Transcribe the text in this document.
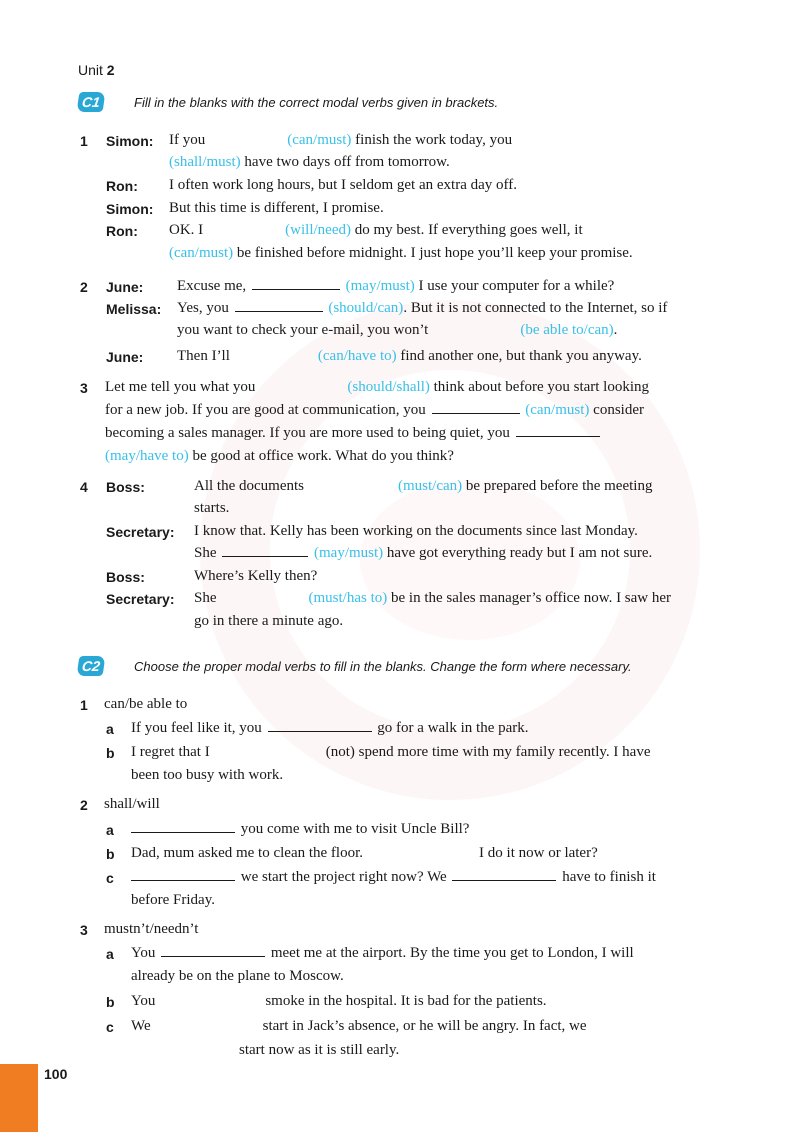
Unit 2
C1	Fill in the blanks with the correct modal verbs given in brackets.
1 Simon: If you	(can/must) finish the work today, you
(shall/must) have two days off from tomorrow.
Ron: I often work long hours, but I seldom get an extra day off.
Simon: But this time is different, I promise.
Ron: OK. I	(will/need) do my best. If everything goes well, it
(can/must) be finished before midnight. I just hope you’ll keep your promise.
2 June: Excuse me,	(may/must) I use your computer for a while?
Melissa: Yes, you	(should/can). But it is not connected to the Internet, so if
you want to check your e-mail, you won’t	(be able to/can).
June: Then I’ll	(can/have to) find another one, but thank you anyway.
3 Let me tell you what you	(should/shall) think about before you start looking
for a new job. If you are good at communication, you	(can/must) consider
becoming a sales manager. If you are more used to being quiet, you
(may/have to) be good at office work. What do you think?
4 Boss:	All the documents	(must/can) be prepared before the meeting
starts.
Secretary: I know that. Kelly has been working on the documents since last Monday.
She	(may/must) have got everything ready but I am not sure.
Boss:	Where’s Kelly then?
Secretary: She	(must/has to) be in the sales manager’s office now. I saw her
go in there a minute ago.
C2	Choose the proper modal verbs to fill in the blanks. Change the form where necessary.
1 can/be able to
a If you feel like it, you	go for a walk in the park.
b I regret that I	(not) spend more time with my family recently. I have
been too busy with work.
2 shall/will
a	you come with me to visit Uncle Bill?
b Dad, mum asked me to clean the floor.	I do it now or later?
c	we start the project right now? We	have to finish it
before Friday.
3 mustn’t/needn’t
a You	meet me at the airport. By the time you get to London, I will
already be on the plane to Moscow.
b You	smoke in the hospital. It is bad for the patients.
c We	start in Jack’s absence, or he will be angry. In fact, we
start now as it is still early.
100
